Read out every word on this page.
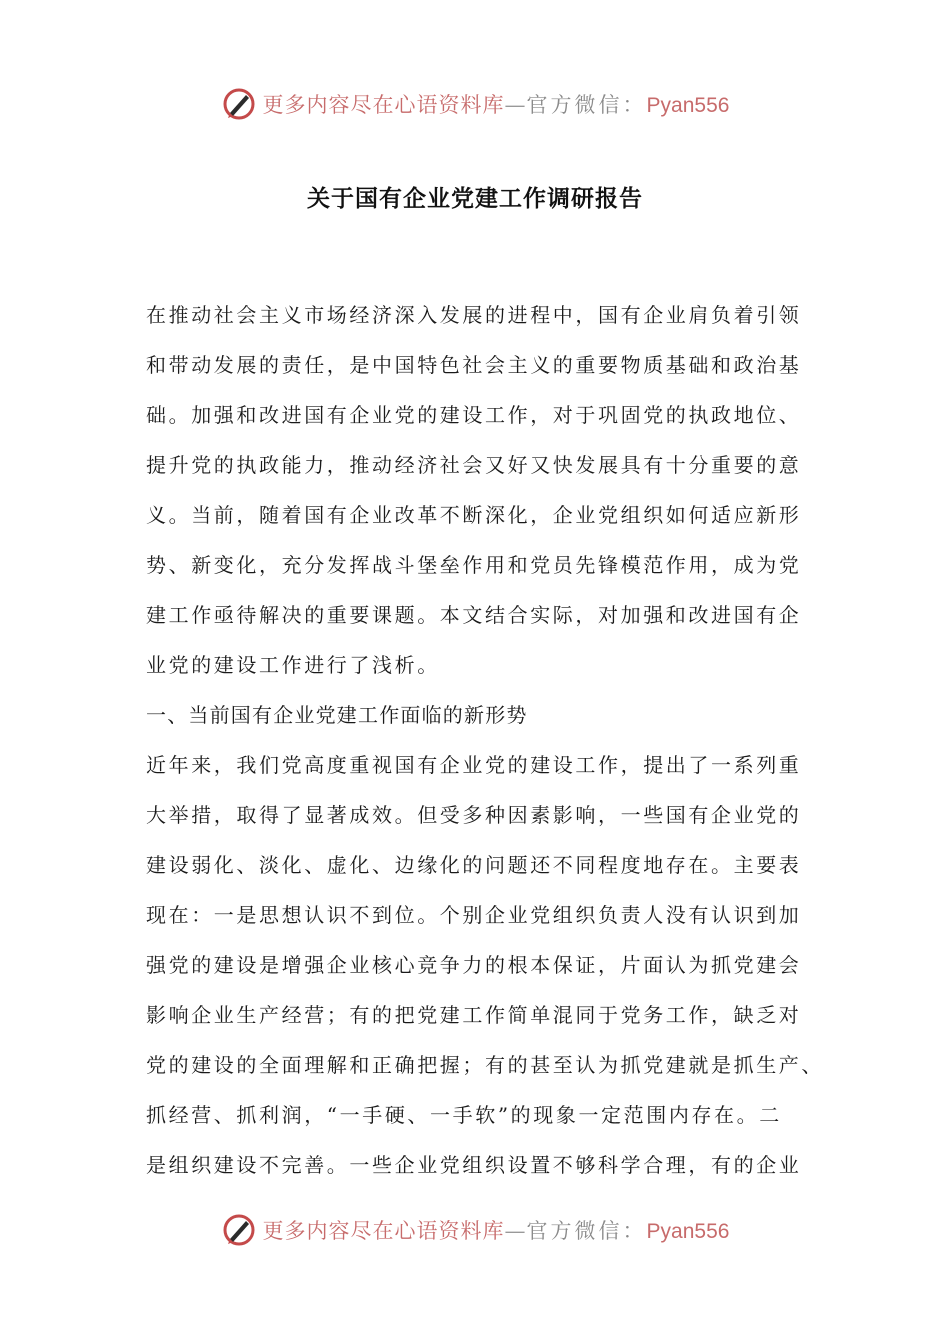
更多内容尽在心语资料库—官方微信：Pyan556
关于国有企业党建工作调研报告
在推动社会主义市场经济深入发展的进程中，国有企业肩负着引领
和带动发展的责任，是中国特色社会主义的重要物质基础和政治基
础。加强和改进国有企业党的建设工作，对于巩固党的执政地位、
提升党的执政能力，推动经济社会又好又快发展具有十分重要的意
义。当前，随着国有企业改革不断深化，企业党组织如何适应新形
势、新变化，充分发挥战斗堡垒作用和党员先锋模范作用，成为党
建工作亟待解决的重要课题。本文结合实际，对加强和改进国有企
业党的建设工作进行了浅析。
一、当前国有企业党建工作面临的新形势
近年来，我们党高度重视国有企业党的建设工作，提出了一系列重
大举措，取得了显著成效。但受多种因素影响，一些国有企业党的
建设弱化、淡化、虚化、边缘化的问题还不同程度地存在。主要表
现在：一是思想认识不到位。个别企业党组织负责人没有认识到加
强党的建设是增强企业核心竞争力的根本保证，片面认为抓党建会
影响企业生产经营；有的把党建工作简单混同于党务工作，缺乏对
党的建设的全面理解和正确把握；有的甚至认为抓党建就是抓生产、
抓经营、抓利润，“一手硬、一手软”的现象一定范围内存在。二
是组织建设不完善。一些企业党组织设置不够科学合理，有的企业
更多内容尽在心语资料库—官方微信：Pyan556
